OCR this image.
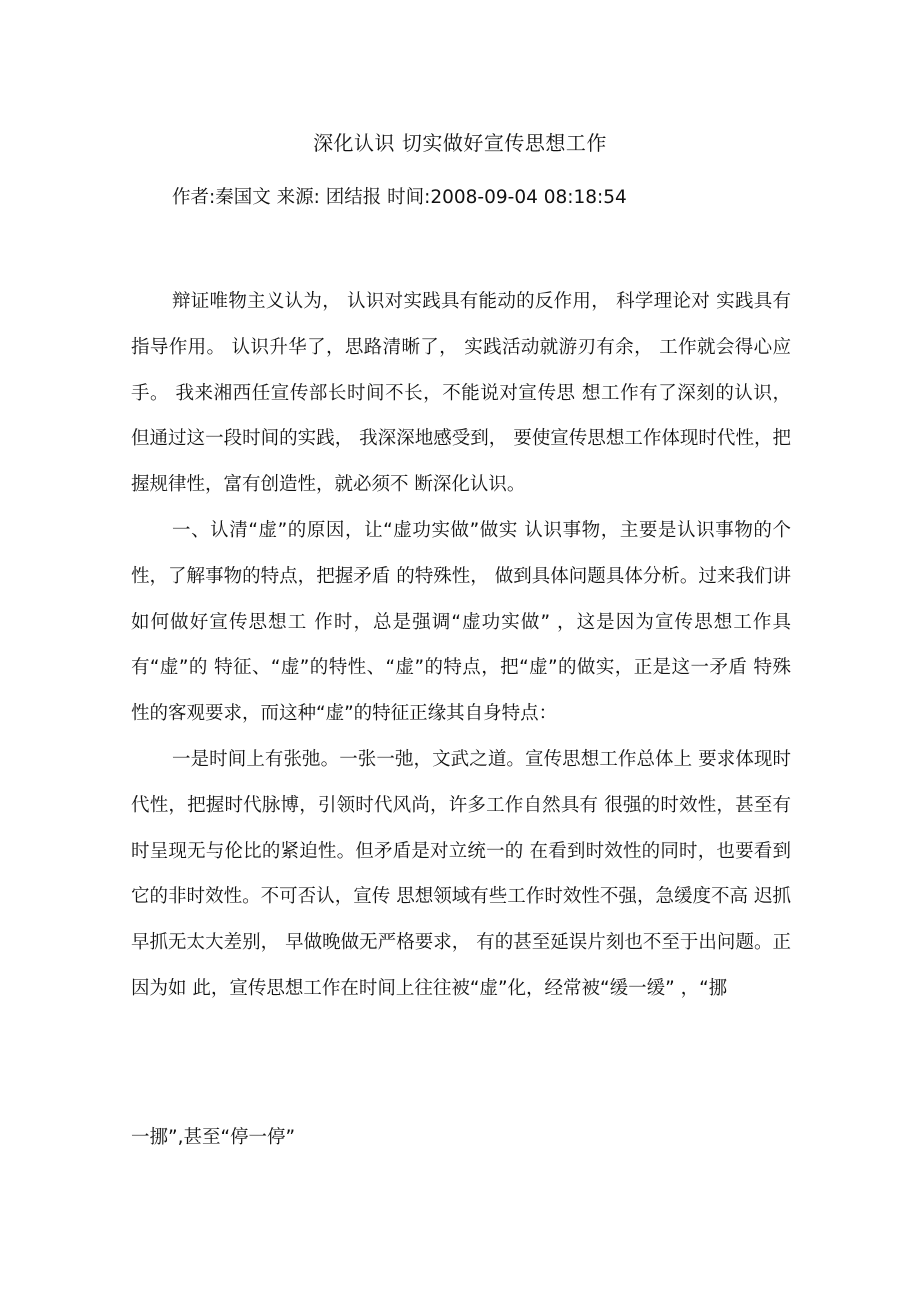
深化认识 切实做好宣传思想工作
作者:秦国文 来源: 团结报 时间:2008-09-04 08:18:54

辩证唯物主义认为， 认识对实践具有能动的反作用， 科学理论对 实践具有指导作用。 认识升华了，思路清晰了， 实践活动就游刃有余， 工作就会得心应手。 我来湘西任宣传部长时间不长，不能说对宣传思 想工作有了深刻的认识， 但通过这一段时间的实践， 我深深地感受到， 要使宣传思想工作体现时代性，把握规律性，富有创造性，就必须不 断深化认识。

一、认清“虚”的原因，让“虚功实做”做实 认识事物，主要是认识事物的个性，了解事物的特点，把握矛盾 的特殊性， 做到具体问题具体分析。过来我们讲如何做好宣传思想工 作时，总是强调“虚功实做” ，这是因为宣传思想工作具有“虚”的 特征、“虚”的特性、“虚”的特点，把“虚”的做实，正是这一矛盾 特殊性的客观要求，而这种“虚”的特征正缘其自身特点：

一是时间上有张弛。一张一弛，文武之道。宣传思想工作总体上 要求体现时代性，把握时代脉博，引领时代风尚，许多工作自然具有 很强的时效性，甚至有时呈现无与伦比的紧迫性。但矛盾是对立统一的 在看到时效性的同时，也要看到它的非时效性。不可否认，宣传 思想领域有些工作时效性不强，急缓度不高 迟抓早抓无太大差别， 早做晚做无严格要求， 有的甚至延误片刻也不至于出问题。正因为如 此，宣传思想工作在时间上往往被“虚”化，经常被“缓一缓” ，“挪

一挪”,甚至“停一停”
